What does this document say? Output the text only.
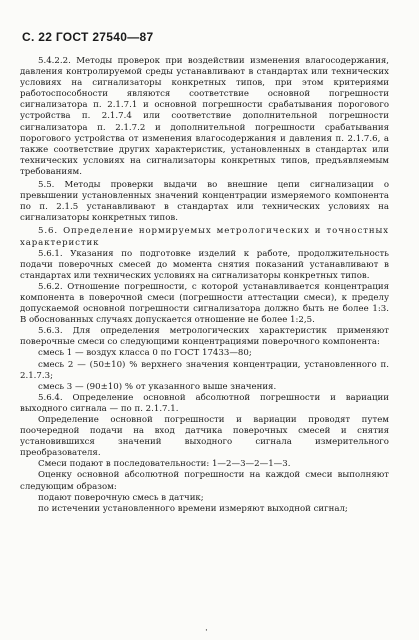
С. 22 ГОСТ 27540—87

5.4.2.2. Методы проверок при воздействии изменения влагосодержания, давления контролируемой среды устанавливают в стандартах или технических условиях на сигнализаторы конкретных типов, при этом критериями работоспособности являются соответствие основной погрешности сигнализатора п. 2.1.7.1 и основной погрешности срабатывания порогового устройства п. 2.1.7.4 или соответствие дополнительной погрешности сигнализатора п. 2.1.7.2 и дополнительной погрешности срабатывания порогового устройства от изменения влагосодержания и давления п. 2.1.7.6, а также соответствие других характеристик, установленных в стандартах или технических условиях на сигнализаторы конкретных типов, предъявляемым требованиям.

5.5. Методы проверки выдачи во внешние цепи сигнализации о превышении установленных значений концентрации измеряемого компонента по п. 2.1.5 устанавливают в стандартах или технических условиях на сигнализаторы конкретных типов.

5.6. Определение нормируемых метрологических и точностных характеристик

5.6.1. Указания по подготовке изделий к работе, продолжительность подачи поверочных смесей до момента снятия показаний устанавливают в стандартах или технических условиях на сигнализаторы конкретных типов.

5.6.2. Отношение погрешности, с которой устанавливается концентрация компонента в поверочной смеси (погрешности аттестации смеси), к пределу допускаемой основной погрешности сигнализатора должно быть не более 1:3. В обоснованных случаях допускается отношение не более 1:2,5.

5.6.3. Для определения метрологических характеристик применяют поверочные смеси со следующими концентрациями поверочного компонента:

смесь 1 — воздух класса 0 по ГОСТ 17433—80;

смесь 2 — (50±10) % верхнего значения концентрации, установленного п. 2.1.7.3;

смесь 3 — (90±10) % от указанного выше значения.

5.6.4. Определение основной абсолютной погрешности и вариации выходного сигнала — по п. 2.1.7.1.

Определение основной погрешности и вариации проводят путем поочередной подачи на вход датчика поверочных смесей и снятия установившихся значений выходного сигнала измерительного преобразователя.

Смеси подают в последовательности: 1—2—3—2—1—3.

Оценку основной абсолютной погрешности на каждой смеси выполняют следующим образом:

подают поверочную смесь в датчик;

по истечении установленного времени измеряют выходной сигнал;

·
